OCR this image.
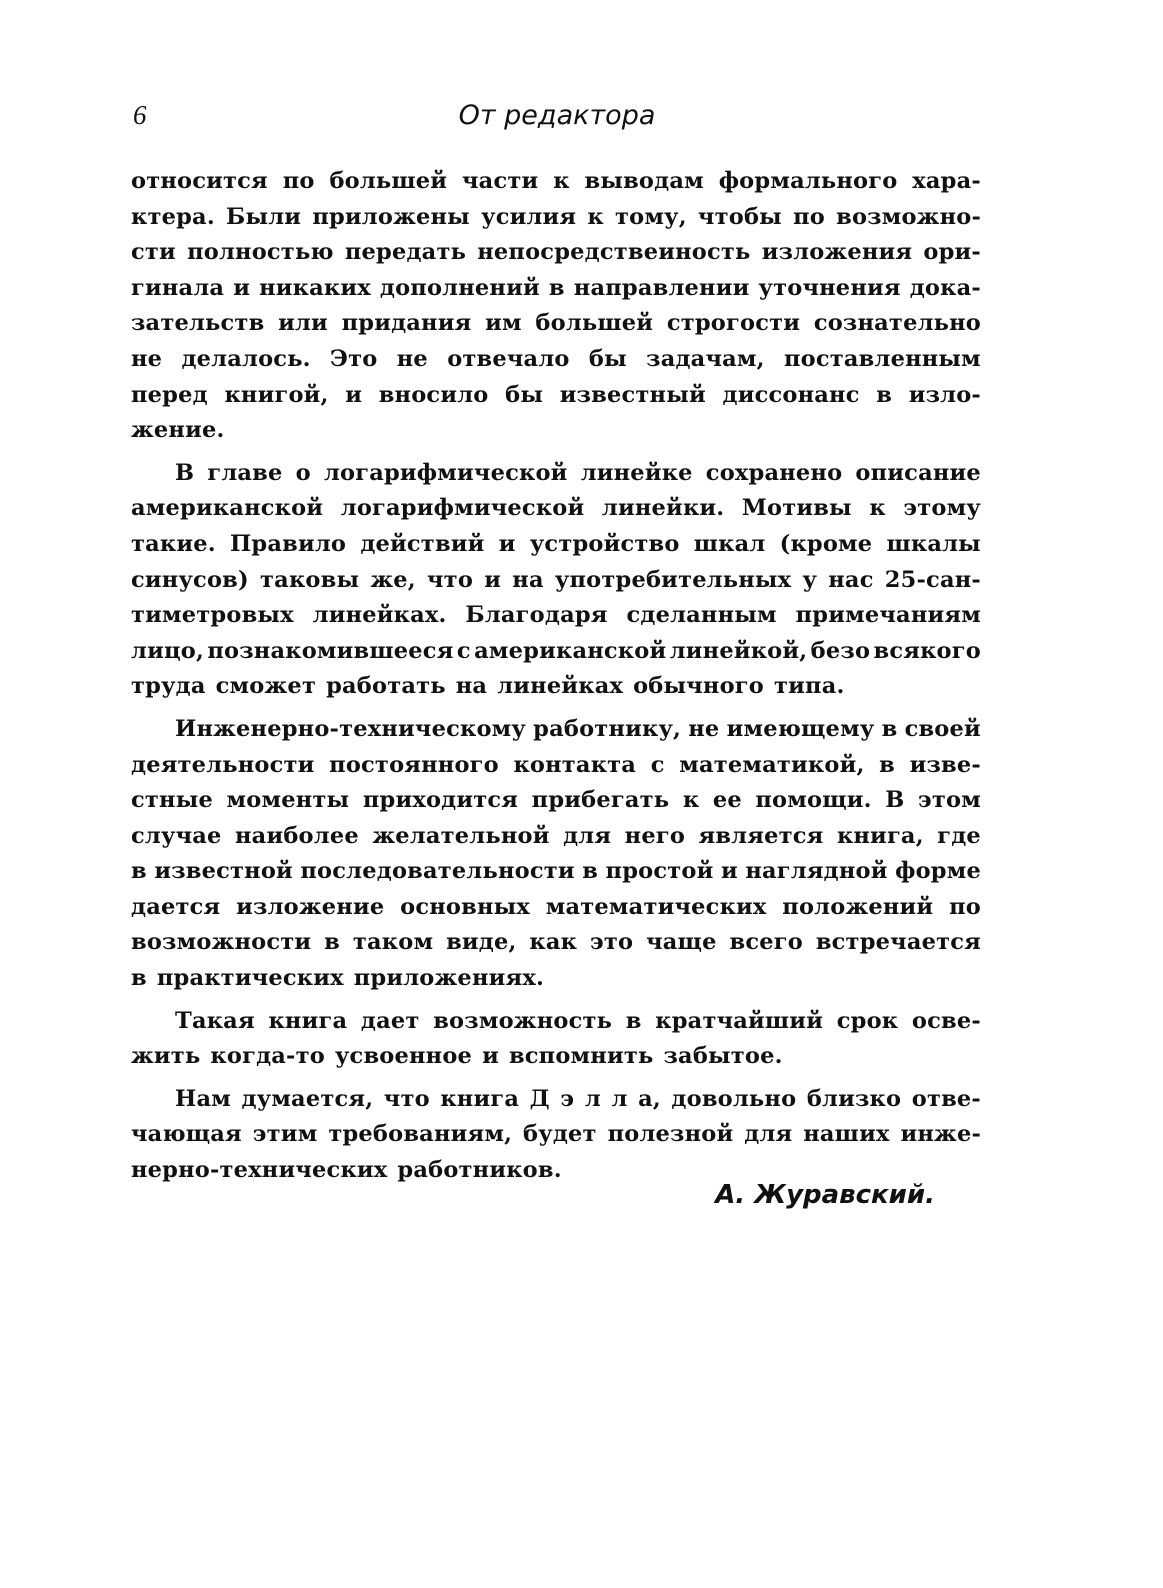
6	От редактора
относится по большей части к выводам формального хара-
ктера. Были приложены усилия к тому, чтобы по возможно-
сти полностью передать непосредствеиность изложения ори-
гинала и никаких дополнений в направлении уточнения дока-
зательств или придания им большей строгости сознательно
не делалось. Это не отвечало бы задачам, поставленным
перед книгой, и вносило бы известный диссонанс в изло-
жение.
В главе о логарифмической линейке сохранено описание
американской логарифмической линейки. Мотивы к этому
такие. Правило действий и устройство шкал (кроме шкалы
синусов) таковы же, что и на употребительных у нас 25-сан-
тиметровых линейках. Благодаря сделанным примечаниям
лицо, познакомившееся с американской линейкой, безо всякого
труда сможет работать на линейках обычного типа.
Инженерно-техническому работнику, не имеющему в своей
деятельности постоянного контакта с математикой, в изве-
стные моменты приходится прибегать к ее помощи. В этом
случае наиболее желательной для него является книга, где
в известной последовательности в простой и наглядной форме
дается изложение основных математических положений по
возможности в таком виде, как это чаще всего встречается
в практических приложениях.
Такая книга дает возможность в кратчайший срок осве-
жить когда-то усвоенное и вспомнить забытое.
Нам думается, что книга Д э л л а, довольно близко отве-
чающая этим требованиям, будет полезной для наших инже-
нерно-технических работников.
А. Журавский.
